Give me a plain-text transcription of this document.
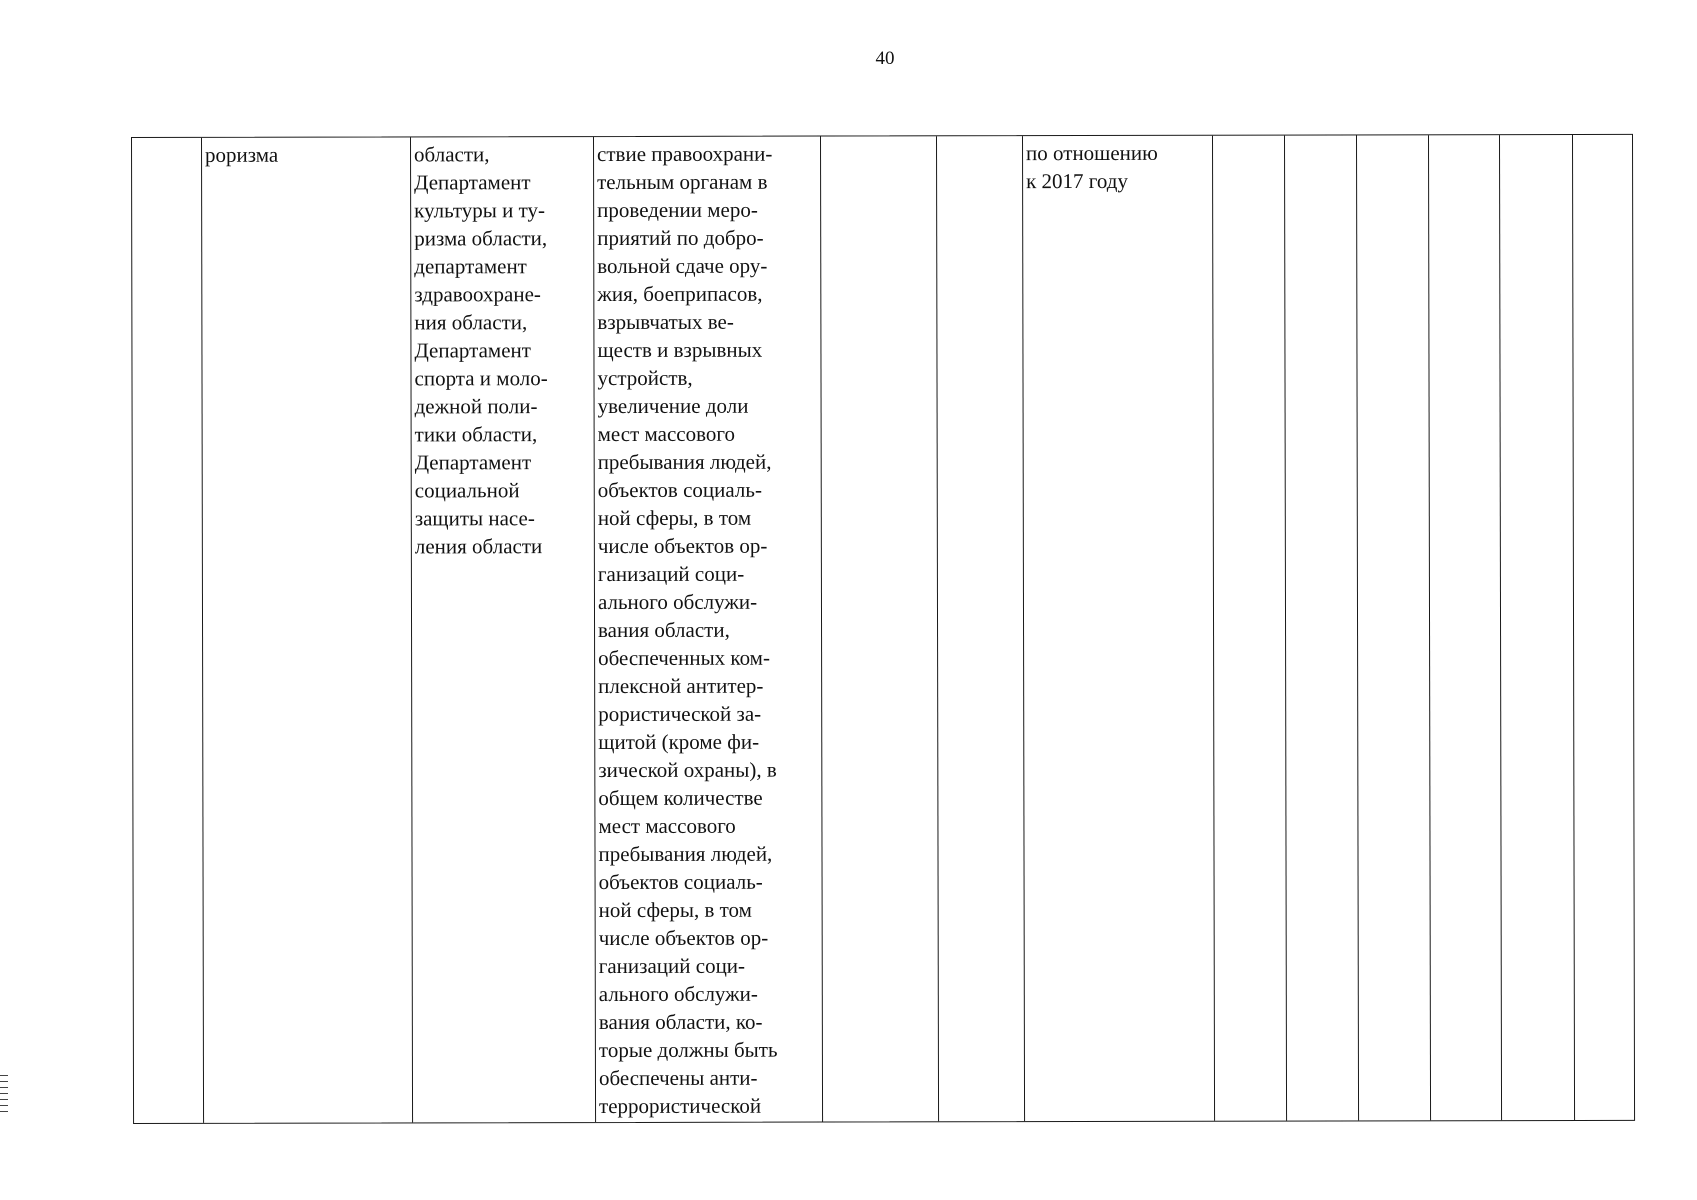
40
роризма	области,
Департамент
культуры и ту-
ризма области,
департамент
здравоохране-
ния области,
Департамент
спорта и моло-
дежной поли-
тики области,
Департамент
социальной
защиты насе-
ления области
ствие правоохрани-
тельным органам в
проведении меро-
приятий по добро-
вольной сдаче ору-
жия, боеприпасов,
взрывчатых ве-
ществ и взрывных
устройств,
увеличение доли
мест массового
пребывания людей,
объектов социаль-
ной сферы, в том
числе объектов ор-
ганизаций соци-
ального обслужи-
вания области,
обеспеченных ком-
плексной антитер-
рористической за-
щитой (кроме фи-
зической охраны), в
общем количестве
мест массового
пребывания людей,
объектов социаль-
ной сферы, в том
числе объектов ор-
ганизаций соци-
ального обслужи-
вания области, ко-
торые должны быть
обеспечены анти-
террористической
по отношению
к 2017 году
